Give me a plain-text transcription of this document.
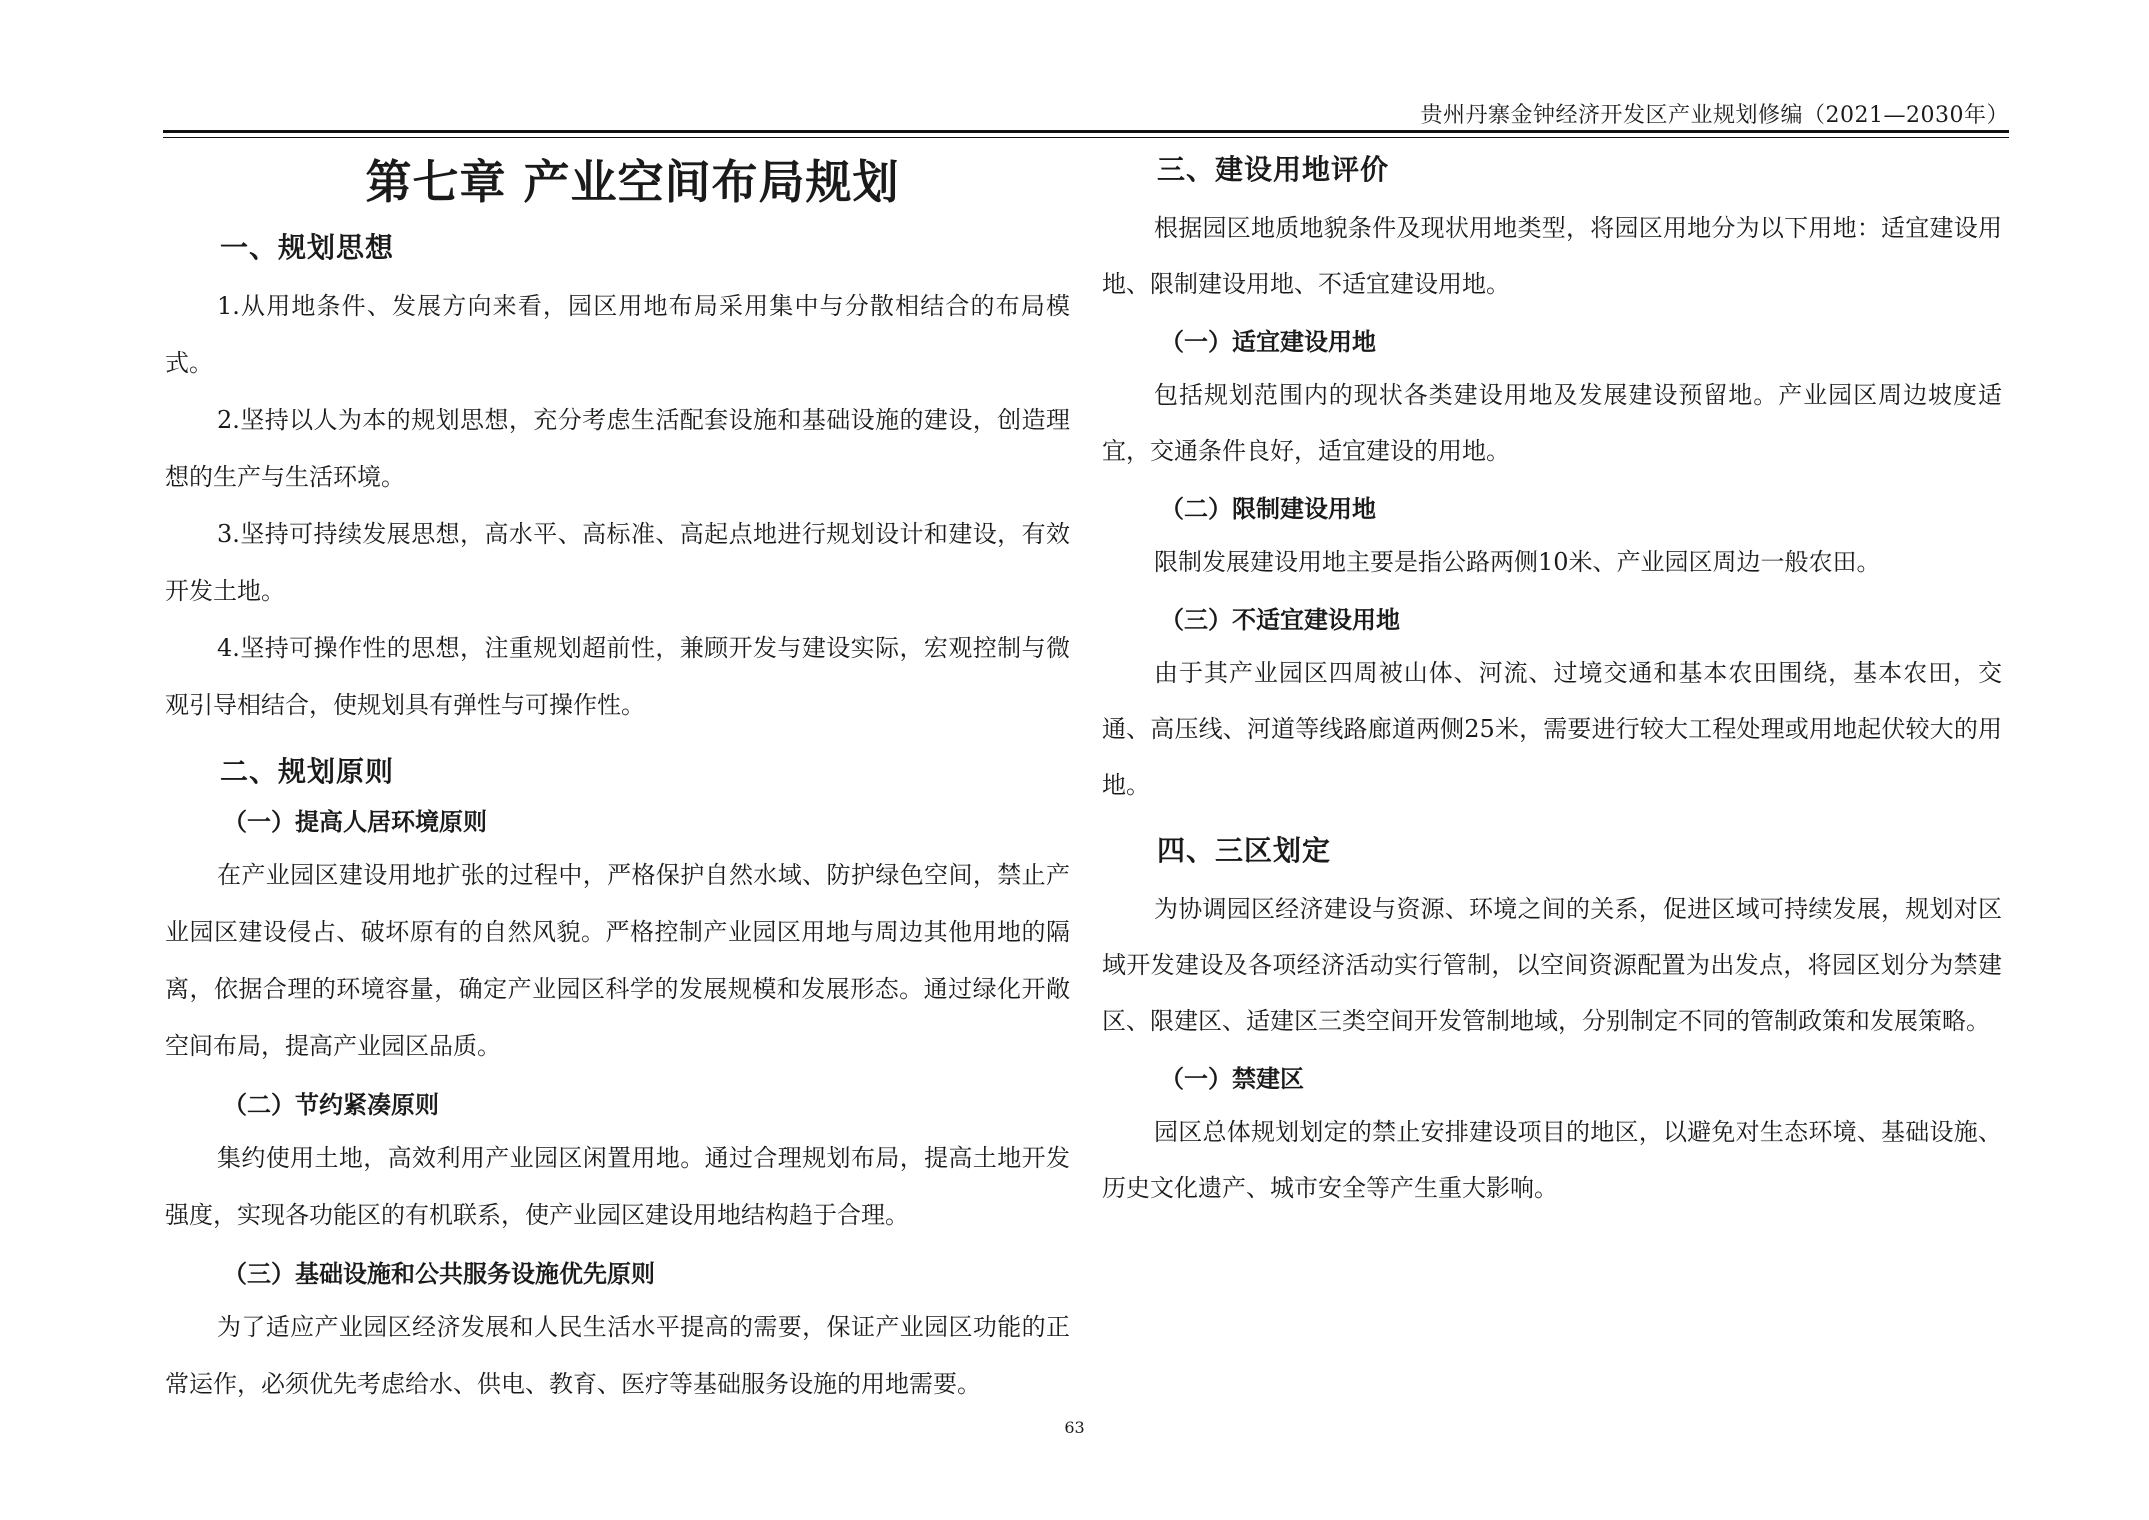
贵州丹寨金钟经济开发区产业规划修编（2021—2030年）
第七章 产业空间布局规划
一、规划思想

1.从用地条件、发展方向来看，园区用地布局采用集中与分散相结合的布局模式。

2.坚持以人为本的规划思想，充分考虑生活配套设施和基础设施的建设，创造理想的生产与生活环境。

3.坚持可持续发展思想，高水平、高标准、高起点地进行规划设计和建设，有效开发土地。

4.坚持可操作性的思想，注重规划超前性，兼顾开发与建设实际，宏观控制与微观引导相结合，使规划具有弹性与可操作性。

二、规划原则
（一）提高人居环境原则

在产业园区建设用地扩张的过程中，严格保护自然水域、防护绿色空间，禁止产业园区建设侵占、破坏原有的自然风貌。严格控制产业园区用地与周边其他用地的隔离，依据合理的环境容量，确定产业园区科学的发展规模和发展形态。通过绿化开敞空间布局，提高产业园区品质。

（二）节约紧凑原则

集约使用土地，高效利用产业园区闲置用地。通过合理规划布局，提高土地开发强度，实现各功能区的有机联系，使产业园区建设用地结构趋于合理。

（三）基础设施和公共服务设施优先原则

为了适应产业园区经济发展和人民生活水平提高的需要，保证产业园区功能的正常运作，必须优先考虑给水、供电、教育、医疗等基础服务设施的用地需要。

三、建设用地评价

根据园区地质地貌条件及现状用地类型，将园区用地分为以下用地：适宜建设用地、限制建设用地、不适宜建设用地。

（一）适宜建设用地

包括规划范围内的现状各类建设用地及发展建设预留地。产业园区周边坡度适宜，交通条件良好，适宜建设的用地。

（二）限制建设用地

限制发展建设用地主要是指公路两侧10米、产业园区周边一般农田。

（三）不适宜建设用地

由于其产业园区四周被山体、河流、过境交通和基本农田围绕，基本农田，交通、高压线、河道等线路廊道两侧25米，需要进行较大工程处理或用地起伏较大的用地。

四、三区划定

为协调园区经济建设与资源、环境之间的关系，促进区域可持续发展，规划对区域开发建设及各项经济活动实行管制，以空间资源配置为出发点，将园区划分为禁建区、限建区、适建区三类空间开发管制地域，分别制定不同的管制政策和发展策略。

（一）禁建区

园区总体规划划定的禁止安排建设项目的地区，以避免对生态环境、基础设施、历史文化遗产、城市安全等产生重大影响。

63
